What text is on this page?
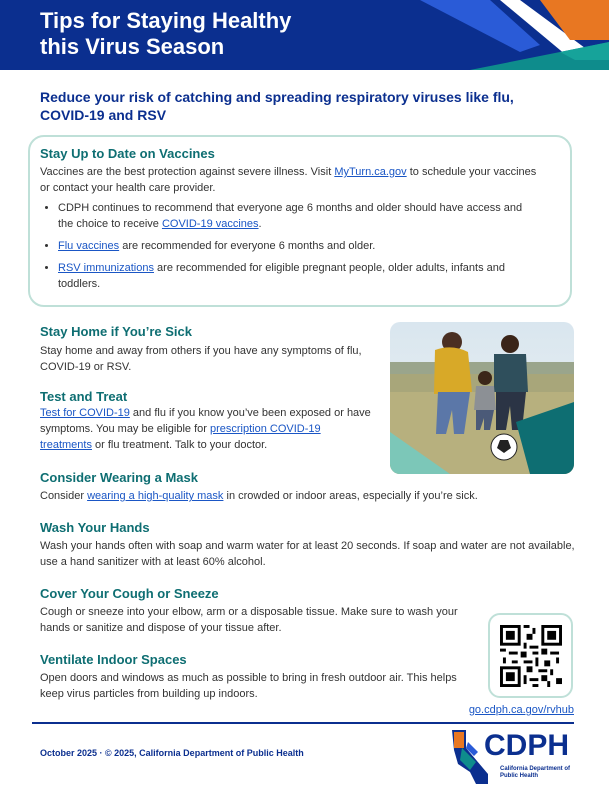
Tips for Staying Healthy
this Virus Season

Reduce your risk of catching and spreading respiratory viruses like flu, COVID-19 and RSV

Stay Up to Date on Vaccines

Vaccines are the best protection against severe illness. Visit MyTurn.ca.gov to schedule your vaccines or contact your health care provider.

• CDPH continues to recommend that everyone age 6 months and older should have access and the choice to receive COVID-19 vaccines.
• Flu vaccines are recommended for everyone 6 months and older.
• RSV immunizations are recommended for eligible pregnant people, older adults, infants and toddlers.

Stay Home if You’re Sick

Stay home and away from others if you have any symptoms of flu, COVID-19 or RSV.

Test and Treat

Test for COVID-19 and flu if you know you’ve been exposed or have symptoms. You may be eligible for prescription COVID-19 treatments or flu treatment. Talk to your doctor.

Consider Wearing a Mask

Consider wearing a high-quality mask in crowded or indoor areas, especially if you’re sick.

Wash Your Hands

Wash your hands often with soap and warm water for at least 20 seconds. If soap and water are not available, use a hand sanitizer with at least 60% alcohol.

Cover Your Cough or Sneeze

Cough or sneeze into your elbow, arm or a disposable tissue. Make sure to wash your hands or sanitize and dispose of your tissue after.

Ventilate Indoor Spaces

Open doors and windows as much as possible to bring in fresh outdoor air. This helps keep virus particles from building up indoors.

go.cdph.ca.gov/rvhub
October 2025 · © 2025, California Department of Public Health	CDPH
California Department of
Public Health
